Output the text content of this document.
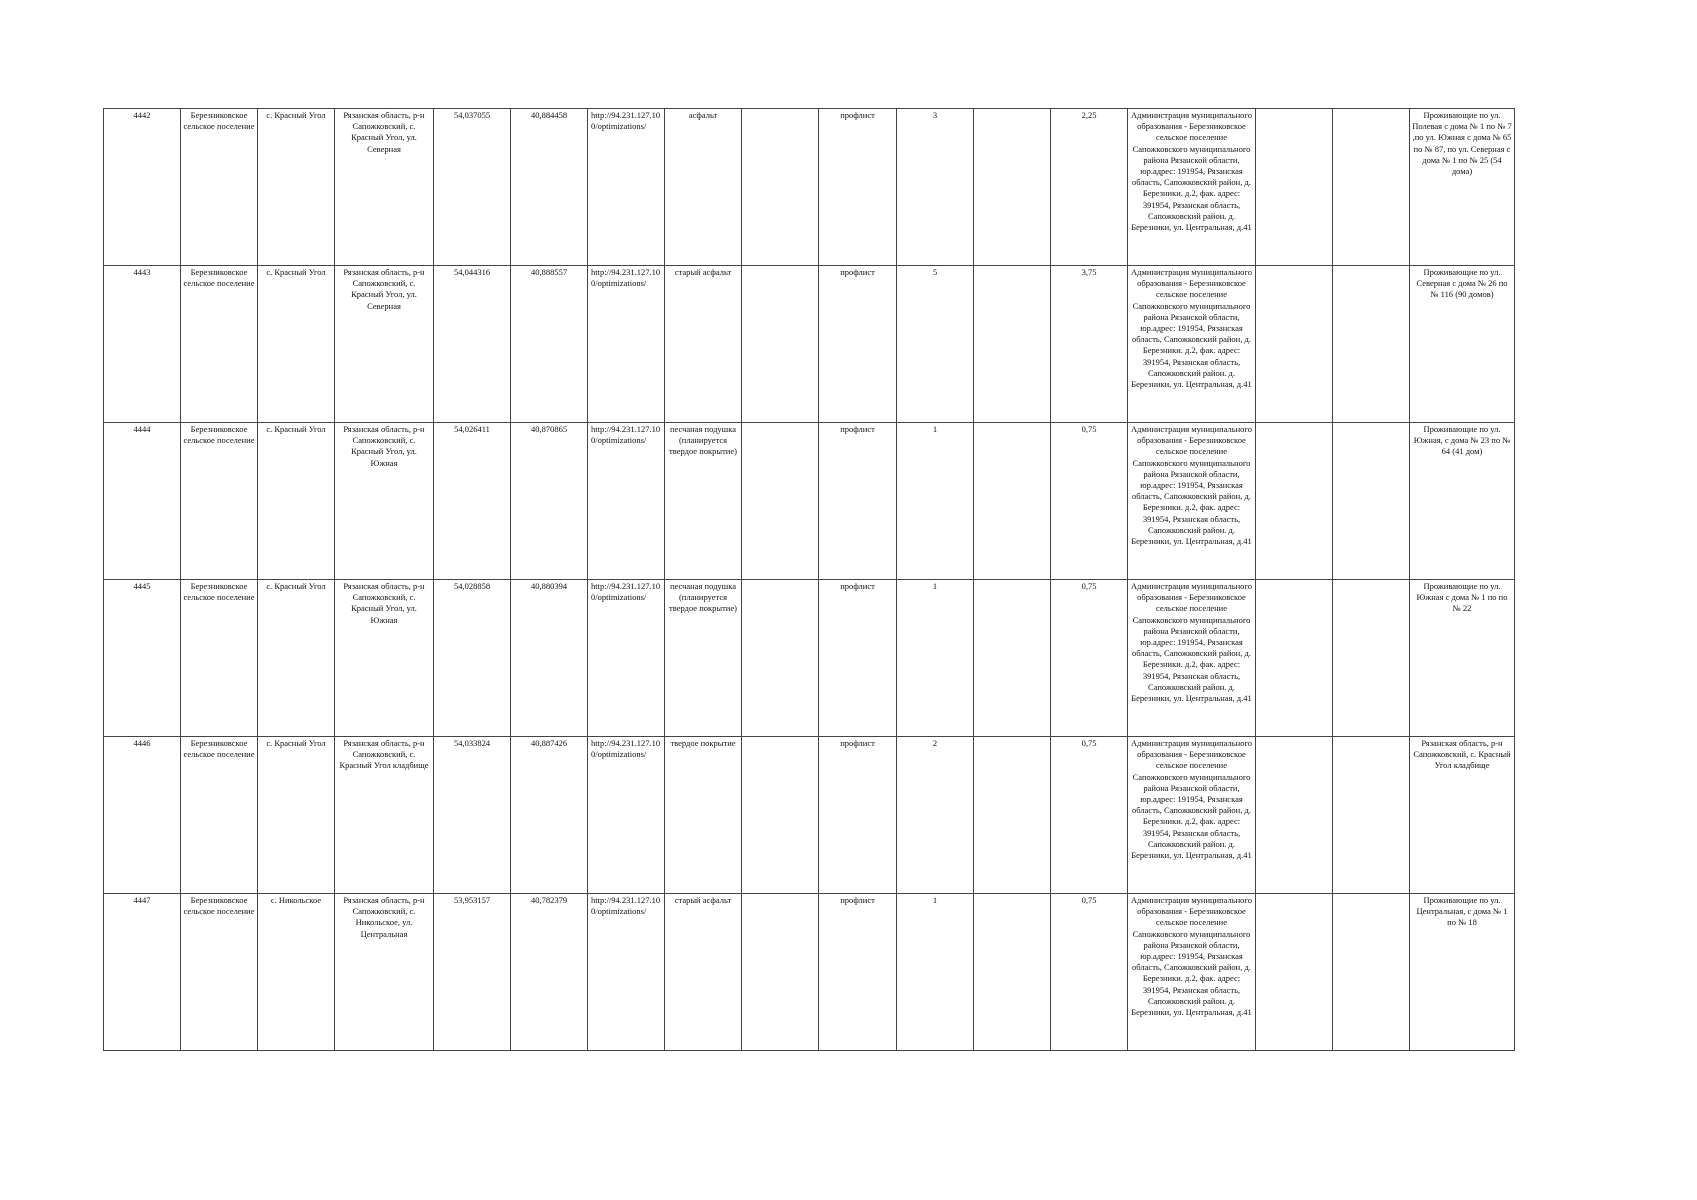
4442	Березниковское сельское поселение	с. Красный Угол	Рязанская область, р-н Сапожковский, с. Красный Угол, ул. Северная	54,037055	40,884458	http://94.231.127.10 0/optimizations/	асфальт		профлист	3		2,25	Администрация муниципального образования - Березниковское сельское поселение Сапожковского муниципального района Рязанской области, юр.адрес: 191954, Рязанская область, Сапожковский район, д. Березники. д.2, фак. адрес: 391954, Рязанская область, Сапожковский район. д. Березники, ул. Центральная, д.41			Проживающие по ул. Полевая с дома № 1 по № 7 ,по ул. Южная с дома № 65 по № 87, по ул. Северная с дома № 1 по № 25 (54 дома)
4443	Березниковское сельское поселение	с. Красный Угол	Рязанская область, р-н Сапожковский, с. Красный Угол, ул. Северная	54,044316	40,888557	http://94.231.127.10 0/optimizations/	старый асфальт		профлист	5		3,75	Администрация муниципального образования - Березниковское сельское поселение Сапожковского муниципального района Рязанской области, юр.адрес: 191954, Рязанская область, Сапожковский район, д. Березники. д.2, фак. адрес: 391954, Рязанская область, Сапожковский район. д. Березники, ул. Центральная, д.41			Проживающие по ул. Северная с дома № 26 по № 116 (90 домов)
4444	Березниковское сельское поселение	с. Красный Угол	Рязанская область, р-н Сапожковский, с. Красный Угол, ул. Южная	54,026411	40,870865	http://94.231.127.10 0/optimizations/	песчаная подушка (планируется твердое покрытие)		профлист	1		0,75	Администрация муниципального образования - Березниковское сельское поселение Сапожковского муниципального района Рязанской области, юр.адрес: 191954, Рязанская область, Сапожковский район, д. Березники. д.2, фак. адрес: 391954, Рязанская область, Сапожковский район. д. Березники, ул. Центральная, д.41			Проживающие по ул. Южная, с дома № 23 по № 64 (41 дом)
4445	Березниковское сельское поселение	с. Красный Угол	Рязанская область, р-н Сапожковский, с. Красный Угол, ул. Южная	54,028858	40,880394	http://94.231.127.10 0/optimizations/	песчаная подушка (планируется твердое покрытие)		профлист	1		0,75	Администрация муниципального образования - Березниковское сельское поселение Сапожковского муниципального района Рязанской области, юр.адрес: 191954, Рязанская область, Сапожковский район, д. Березники. д.2, фак. адрес: 391954, Рязанская область, Сапожковский район. д. Березники, ул. Центральная, д.41			Проживающие по ул. Южная с дома № 1 по по № 22
4446	Березниковское сельское поселение	с. Красный Угол	Рязанская область, р-н Сапожковский, с. Красный Угол кладбище	54,033824	40,887426	http://94.231.127.10 0/optimizations/	твердое покрытие		профлист	2		0,75	Администрация муниципального образования - Березниковское сельское поселение Сапожковского муниципального района Рязанской области, юр.адрес: 191954, Рязанская область, Сапожковский район, д. Березники. д.2, фак. адрес: 391954, Рязанская область, Сапожковский район. д. Березники, ул. Центральная, д.41			Рязанская область, р-н Сапожковский, с. Красный Угол кладбище
4447	Березниковское сельское поселение	с. Никольское	Рязанская область, р-н Сапожковский, с. Никольское, ул. Центральная	53,953157	40,782379	http://94.231.127.10 0/optimizations/	старый асфальт		профлист	1		0,75	Администрация муниципального образования - Березниковское сельское поселение Сапожковского муниципального района Рязанской области, юр.адрес: 191954, Рязанская область, Сапожковский район, д. Березники. д.2, фак. адрес: 391954, Рязанская область, Сапожковский район. д. Березники, ул. Центральная, д.41			Проживающие по ул. Центральная, с дома № 1 по № 18
